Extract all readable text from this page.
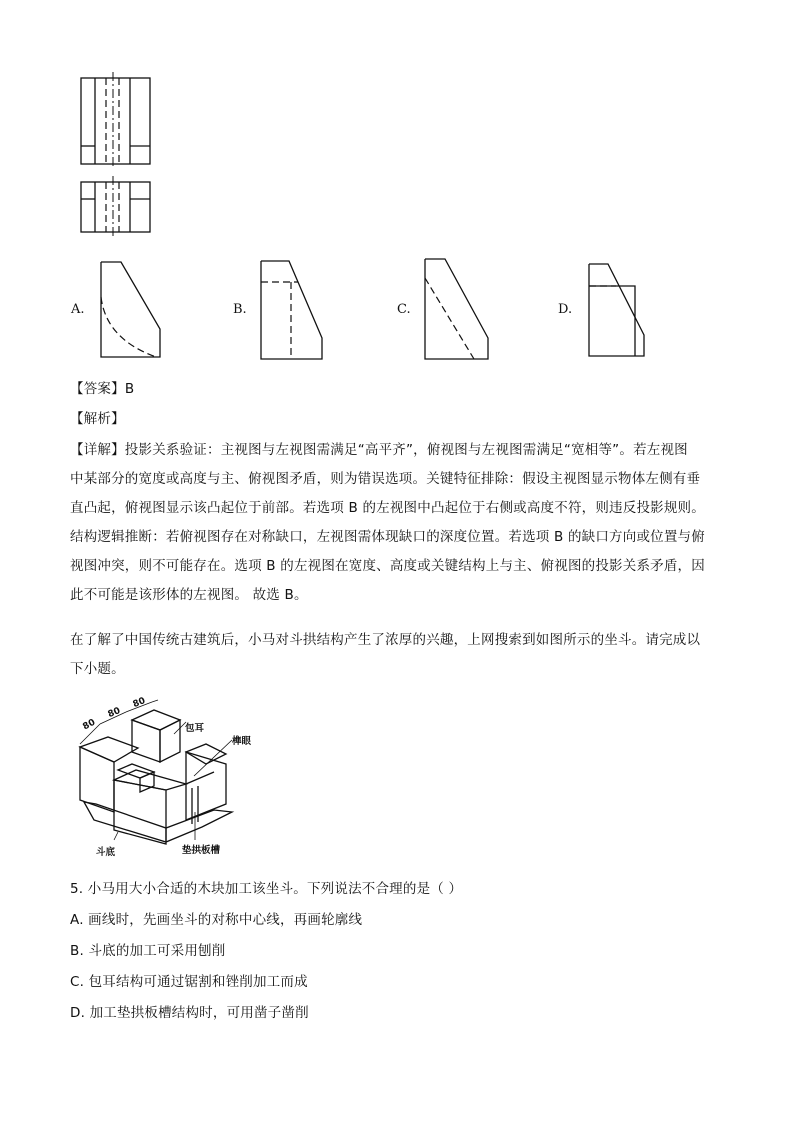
A.	B.	C.	D.
【答案】B
【解析】
【详解】投影关系验证：主视图与左视图需满足“高平齐”，俯视图与左视图需满足“宽相等”。若左视图
中某部分的宽度或高度与主、俯视图矛盾，则为错误选项。关键特征排除：假设主视图显示物体左侧有垂
直凸起，俯视图显示该凸起位于前部。若选项 B 的左视图中凸起位于右侧或高度不符，则违反投影规则。
结构逻辑推断：若俯视图存在对称缺口，左视图需体现缺口的深度位置。若选项 B 的缺口方向或位置与俯
视图冲突，则不可能存在。选项 B 的左视图在宽度、高度或关键结构上与主、俯视图的投影关系矛盾，因
此不可能是该形体的左视图。 故选 B。
在了解了中国传统古建筑后，小马对斗拱结构产生了浓厚的兴趣，上网搜索到如图所示的坐斗。请完成以
下小题。
80
80
80
包耳
榫眼
斗底	垫拱板槽
5. 小马用大小合适的木块加工该坐斗。下列说法不合理的是（ ）
A. 画线时，先画坐斗的对称中心线，再画轮廓线
B. 斗底的加工可采用刨削
C. 包耳结构可通过锯割和锉削加工而成
D. 加工垫拱板槽结构时，可用凿子凿削
